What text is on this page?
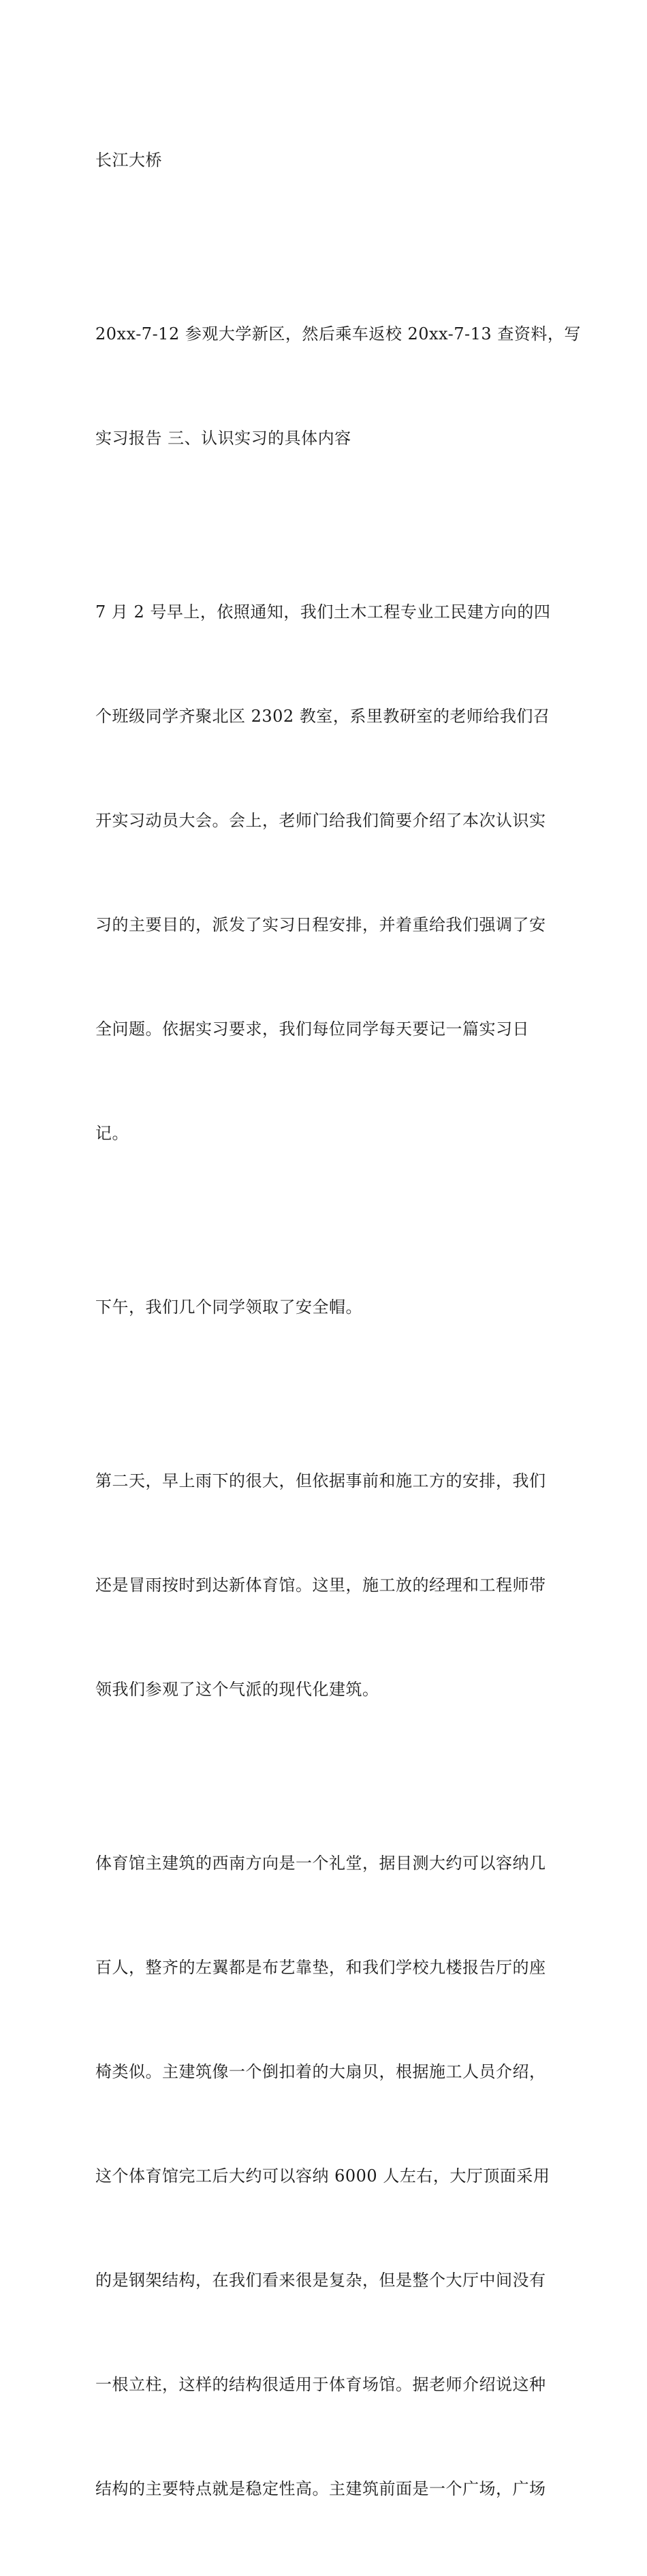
长江大桥

20xx-7-12 参观大学新区，然后乘车返校 20xx-7-13 查资料，写

实习报告 三、认识实习的具体内容

7 月 2 号早上，依照通知，我们土木工程专业工民建方向的四

个班级同学齐聚北区 2302 教室，系里教研室的老师给我们召

开实习动员大会。会上，老师门给我们简要介绍了本次认识实

习的主要目的，派发了实习日程安排，并着重给我们强调了安

全问题。依据实习要求，我们每位同学每天要记一篇实习日

记。

下午，我们几个同学领取了安全帽。

第二天，早上雨下的很大，但依据事前和施工方的安排，我们

还是冒雨按时到达新体育馆。这里，施工放的经理和工程师带

领我们参观了这个气派的现代化建筑。

体育馆主建筑的西南方向是一个礼堂，据目测大约可以容纳几

百人，整齐的左翼都是布艺靠垫，和我们学校九楼报告厅的座

椅类似。主建筑像一个倒扣着的大扇贝，根据施工人员介绍，

这个体育馆完工后大约可以容纳 6000 人左右，大厅顶面采用

的是钢架结构，在我们看来很是复杂，但是整个大厅中间没有

一根立柱，这样的结构很适用于体育场馆。据老师介绍说这种

结构的主要特点就是稳定性高。主建筑前面是一个广场，广场
